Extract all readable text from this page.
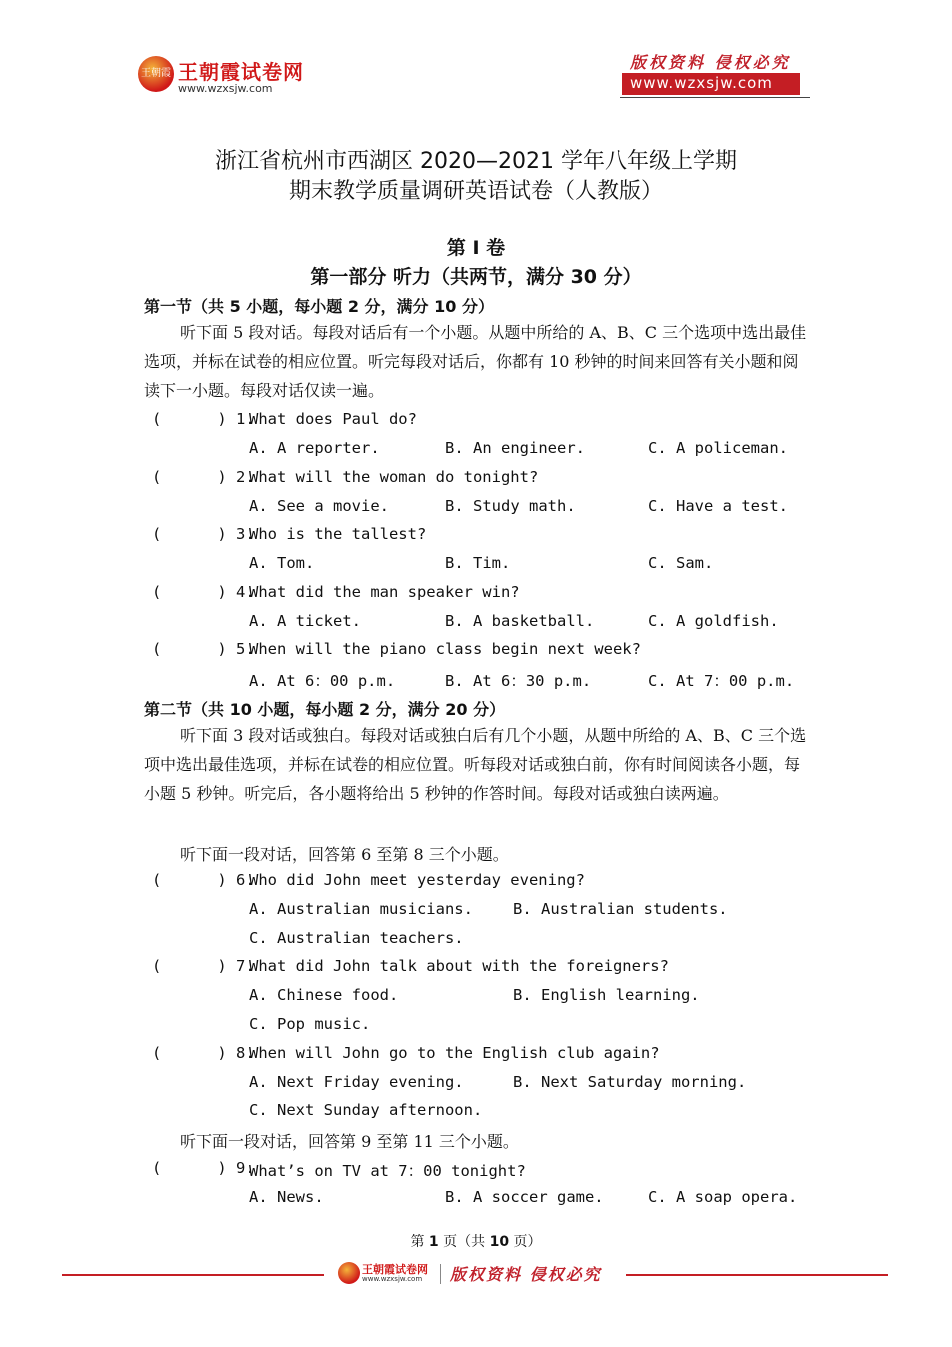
王朝霞 王朝霞试卷网
www.wzxsjw.com
版权资料 侵权必究
www.wzxsjw.com
浙江省杭州市西湖区 2020—2021 学年八年级上学期
期末教学质量调研英语试卷（人教版）
第 I 卷
第一部分 听力（共两节，满分 30 分）
第一节（共 5 小题，每小题 2 分，满分 10 分）
听下面 5 段对话。每段对话后有一个小题。从题中所给的 A、B、C 三个选项中选出最佳选项，并标在试卷的相应位置。听完每段对话后，你都有 10 秒钟的时间来回答有关小题和阅读下一小题。每段对话仅读一遍。
(      ) 1.
What does Paul do?
A. A reporter.	B. An engineer.	C. A policeman.
(      ) 2.
What will the woman do tonight?
A. See a movie.	B. Study math.	C. Have a test.
(      ) 3.
Who is the tallest?
A. Tom.	B. Tim.	C. Sam.
(      ) 4.
What did the man speaker win?
A. A ticket.	B. A basketball.	C. A goldfish.
(      ) 5.
When will the piano class begin next week?
A. At 6：00 p.m.	B. At 6：30 p.m.	C. At 7：00 p.m.
第二节（共 10 小题，每小题 2 分，满分 20 分）
听下面 3 段对话或独白。每段对话或独白后有几个小题，从题中所给的 A、B、C 三个选项中选出最佳选项，并标在试卷的相应位置。听每段对话或独白前，你有时间阅读各小题，每小题 5 秒钟。听完后，各小题将给出 5 秒钟的作答时间。每段对话或独白读两遍。
听下面一段对话，回答第 6 至第 8 三个小题。
(      ) 6.
Who did John meet yesterday evening?
A. Australian musicians.	B. Australian students.
C. Australian teachers.
(      ) 7.
What did John talk about with the foreigners?
A. Chinese food.	B. English learning.
C. Pop music.
(      ) 8.
When will John go to the English club again?
A. Next Friday evening.	B. Next Saturday morning.
C. Next Sunday afternoon.
听下面一段对话，回答第 9 至第 11 三个小题。
(      ) 9.
What’s on TV at 7：00 tonight?
A. News.	B. A soccer game.	C. A soap opera.
第 1 页（共 10 页）
王朝霞试卷网
www.wzxsjw.com 版权资料 侵权必究
